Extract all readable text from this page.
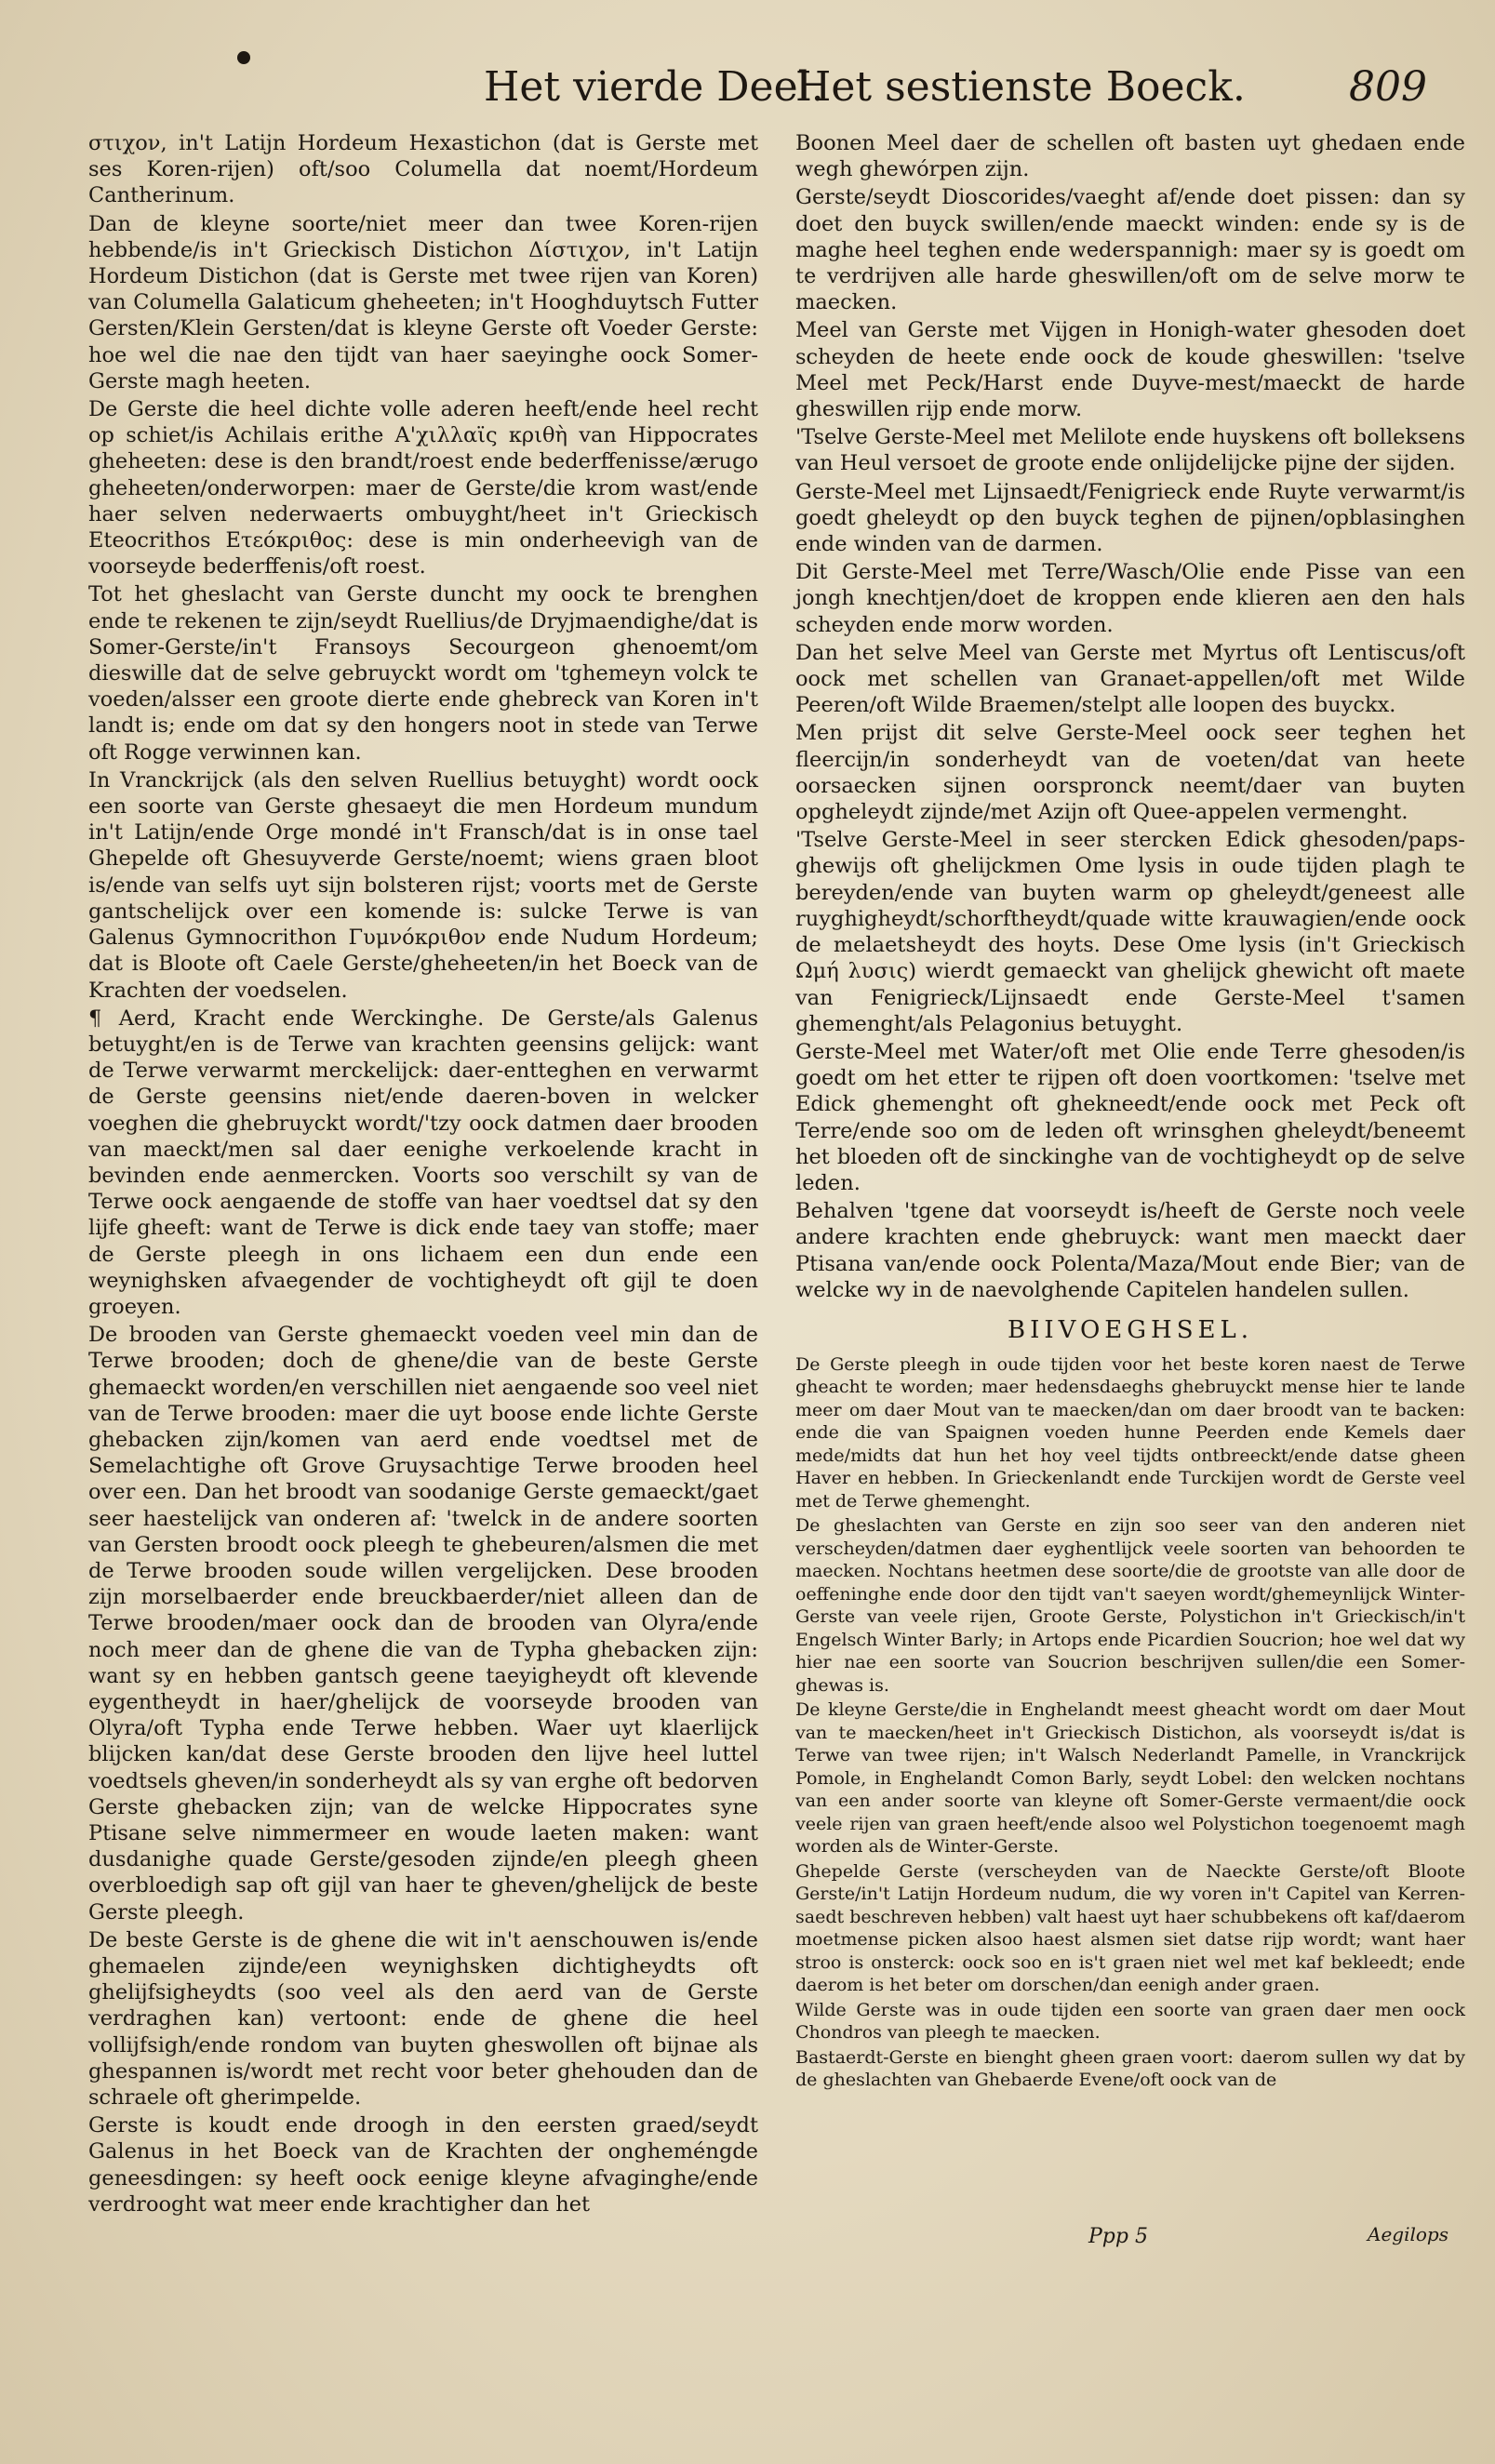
Het vierde Deel.
Het sestienste Boeck.	809

στιχον, in't Latijn Hordeum Hexastichon (dat is Gerste met ses Koren-rijen) oft/soo Columella dat noemt/Hordeum Cantherinum.

Dan de kleyne soorte/niet meer dan twee Koren-rijen hebbende/is in't Grieckisch Distichon Δίστιχον, in't Latijn Hordeum Distichon (dat is Gerste met twee rijen van Koren) van Columella Galaticum gheheeten; in't Hooghduytsch Futter Gersten/Klein Gersten/dat is kleyne Gerste oft Voeder Gerste: hoe wel die nae den tijdt van haer saeyinghe oock Somer-Gerste magh heeten.

De Gerste die heel dichte volle aderen heeft/ende heel recht op schiet/is Achilais erithe Α'χιλλαϊς κριθὴ van Hippocrates gheheeten: dese is den brandt/roest ende bederffenisse/ærugo gheheeten/onderworpen: maer de Gerste/die krom wast/ende haer selven nederwaerts ombuyght/heet in't Grieckisch Eteocrithos Ετεόκριθος: dese is min onderheevigh van de voorseyde bederffenis/oft roest.

Tot het gheslacht van Gerste duncht my oock te brenghen ende te rekenen te zijn/seydt Ruellius/de Dryjmaendighe/dat is Somer-Gerste/in't Fransoys Secourgeon ghenoemt/om dieswille dat de selve gebruyckt wordt om 'tghemeyn volck te voeden/alsser een groote dierte ende ghebreck van Koren in't landt is; ende om dat sy den hongers noot in stede van Terwe oft Rogge verwinnen kan.

In Vranckrijck (als den selven Ruellius betuyght) wordt oock een soorte van Gerste ghesaeyt die men Hordeum mundum in't Latijn/ende Orge mondé in't Fransch/dat is in onse tael Ghepelde oft Ghesuyverde Gerste/noemt; wiens graen bloot is/ende van selfs uyt sijn bolsteren rijst; voorts met de Gerste gantschelijck over een komende is: sulcke Terwe is van Galenus Gymnocrithon Γυμνόκριθον ende Nudum Hordeum; dat is Bloote oft Caele Gerste/gheheeten/in het Boeck van de Krachten der voedselen.

¶ Aerd, Kracht ende Werckinghe. De Gerste/als Galenus betuyght/en is de Terwe van krachten geensins gelijck: want de Terwe verwarmt merckelijck: daer-entteghen en verwarmt de Gerste geensins niet/ende daeren-boven in welcker voeghen die ghebruyckt wordt/'tzy oock datmen daer brooden van maeckt/men sal daer eenighe verkoelende kracht in bevinden ende aenmercken. Voorts soo verschilt sy van de Terwe oock aengaende de stoffe van haer voedtsel dat sy den lijfe gheeft: want de Terwe is dick ende taey van stoffe; maer de Gerste pleegh in ons lichaem een dun ende een weynighsken afvaegender de vochtigheydt oft gijl te doen groeyen.

De brooden van Gerste ghemaeckt voeden veel min dan de Terwe brooden; doch de ghene/die van de beste Gerste ghemaeckt worden/en verschillen niet aengaende soo veel niet van de Terwe brooden: maer die uyt boose ende lichte Gerste ghebacken zijn/komen van aerd ende voedtsel met de Semelachtighe oft Grove Gruysachtige Terwe brooden heel over een. Dan het broodt van soodanige Gerste gemaeckt/gaet seer haestelijck van onderen af: 'twelck in de andere soorten van Gersten broodt oock pleegh te ghebeuren/alsmen die met de Terwe brooden soude willen vergelijcken. Dese brooden zijn morselbaerder ende breuckbaerder/niet alleen dan de Terwe brooden/maer oock dan de brooden van Olyra/ende noch meer dan de ghene die van de Typha ghebacken zijn: want sy en hebben gantsch geene taeyigheydt oft klevende eygentheydt in haer/ghelijck de voorseyde brooden van Olyra/oft Typha ende Terwe hebben. Waer uyt klaerlijck blijcken kan/dat dese Gerste brooden den lijve heel luttel voedtsels gheven/in sonderheydt als sy van erghe oft bedorven Gerste ghebacken zijn; van de welcke Hippocrates syne Ptisane selve nimmermeer en woude laeten maken: want dusdanighe quade Gerste/gesoden zijnde/en pleegh gheen overbloedigh sap oft gijl van haer te gheven/ghelijck de beste Gerste pleegh.

De beste Gerste is de ghene die wit in't aenschouwen is/ende ghemaelen zijnde/een weynighsken dichtigheydts oft ghelijfsigheydts (soo veel als den aerd van de Gerste verdraghen kan) vertoont: ende de ghene die heel vollijfsigh/ende rondom van buyten gheswollen oft bijnae als ghespannen is/wordt met recht voor beter ghehouden dan de schraele oft gherimpelde.

Gerste is koudt ende droogh in den eersten graed/seydt Galenus in het Boeck van de Krachten der ongheméngde geneesdingen: sy heeft oock eenige kleyne afvaginghe/ende verdrooght wat meer ende krachtigher dan het

Boonen Meel daer de schellen oft basten uyt ghedaen ende wegh ghewórpen zijn.

Gerste/seydt Dioscorides/vaeght af/ende doet pissen: dan sy doet den buyck swillen/ende maeckt winden: ende sy is de maghe heel teghen ende wederspannigh: maer sy is goedt om te verdrijven alle harde gheswillen/oft om de selve morw te maecken.

Meel van Gerste met Vijgen in Honigh-water ghesoden doet scheyden de heete ende oock de koude gheswillen: 'tselve Meel met Peck/Harst ende Duyve-mest/maeckt de harde gheswillen rijp ende morw.

'Tselve Gerste-Meel met Melilote ende huyskens oft bolleksens van Heul versoet de groote ende onlijdelijcke pijne der sijden.

Gerste-Meel met Lijnsaedt/Fenigrieck ende Ruyte verwarmt/is goedt gheleydt op den buyck teghen de pijnen/opblasinghen ende winden van de darmen.

Dit Gerste-Meel met Terre/Wasch/Olie ende Pisse van een jongh knechtjen/doet de kroppen ende klieren aen den hals scheyden ende morw worden.

Dan het selve Meel van Gerste met Myrtus oft Lentiscus/oft oock met schellen van Granaet-appellen/oft met Wilde Peeren/oft Wilde Braemen/stelpt alle loopen des buyckx.

Men prijst dit selve Gerste-Meel oock seer teghen het fleercijn/in sonderheydt van de voeten/dat van heete oorsaecken sijnen oorspronck neemt/daer van buyten opgheleydt zijnde/met Azijn oft Quee-appelen vermenght.

'Tselve Gerste-Meel in seer stercken Edick ghesoden/paps-ghewijs oft ghelijckmen Ome lysis in oude tijden plagh te bereyden/ende van buyten warm op gheleydt/geneest alle ruyghigheydt/schorftheydt/quade witte krauwagien/ende oock de melaetsheydt des hoyts. Dese Ome lysis (in't Grieckisch Ωμή λυσις) wierdt gemaeckt van ghelijck ghewicht oft maete van Fenigrieck/Lijnsaedt ende Gerste-Meel t'samen ghemenght/als Pelagonius betuyght.

Gerste-Meel met Water/oft met Olie ende Terre ghesoden/is goedt om het etter te rijpen oft doen voortkomen: 'tselve met Edick ghemenght oft ghekneedt/ende oock met Peck oft Terre/ende soo om de leden oft wrinsghen gheleydt/beneemt het bloeden oft de sinckinghe van de vochtigheydt op de selve leden.

Behalven 'tgene dat voorseydt is/heeft de Gerste noch veele andere krachten ende ghebruyck: want men maeckt daer Ptisana van/ende oock Polenta/Maza/Mout ende Bier; van de welcke wy in de naevolghende Capitelen handelen sullen.

BIIVOEGHSEL.

De Gerste pleegh in oude tijden voor het beste koren naest de Terwe gheacht te worden; maer hedensdaeghs ghebruyckt mense hier te lande meer om daer Mout van te maecken/dan om daer broodt van te backen: ende die van Spaignen voeden hunne Peerden ende Kemels daer mede/midts dat hun het hoy veel tijdts ontbreeckt/ende datse gheen Haver en hebben. In Grieckenlandt ende Turckijen wordt de Gerste veel met de Terwe ghemenght.

De gheslachten van Gerste en zijn soo seer van den anderen niet verscheyden/datmen daer eyghentlijck veele soorten van behoorden te maecken. Nochtans heetmen dese soorte/die de grootste van alle door de oeffeninghe ende door den tijdt van't saeyen wordt/ghemeynlijck Winter-Gerste van veele rijen, Groote Gerste, Polystichon in't Grieckisch/in't Engelsch Winter Barly; in Artops ende Picardien Soucrion; hoe wel dat wy hier nae een soorte van Soucrion beschrijven sullen/die een Somer-ghewas is.

De kleyne Gerste/die in Enghelandt meest gheacht wordt om daer Mout van te maecken/heet in't Grieckisch Distichon, als voorseydt is/dat is Terwe van twee rijen; in't Walsch Nederlandt Pamelle, in Vranckrijck Pomole, in Enghelandt Comon Barly, seydt Lobel: den welcken nochtans van een ander soorte van kleyne oft Somer-Gerste vermaent/die oock veele rijen van graen heeft/ende alsoo wel Polystichon toegenoemt magh worden als de Winter-Gerste.

Ghepelde Gerste (verscheyden van de Naeckte Gerste/oft Bloote Gerste/in't Latijn Hordeum nudum, die wy voren in't Capitel van Kerren-saedt beschreven hebben) valt haest uyt haer schubbekens oft kaf/daerom moetmense picken alsoo haest alsmen siet datse rijp wordt; want haer stroo is onsterck: oock soo en is't graen niet wel met kaf bekleedt; ende daerom is het beter om dorschen/dan eenigh ander graen.

Wilde Gerste was in oude tijden een soorte van graen daer men oock Chondros van pleegh te maecken.

Bastaerdt-Gerste en bienght gheen graen voort: daerom sullen wy dat by de gheslachten van Ghebaerde Evene/oft oock van de

Ppp 5	Aegilops
